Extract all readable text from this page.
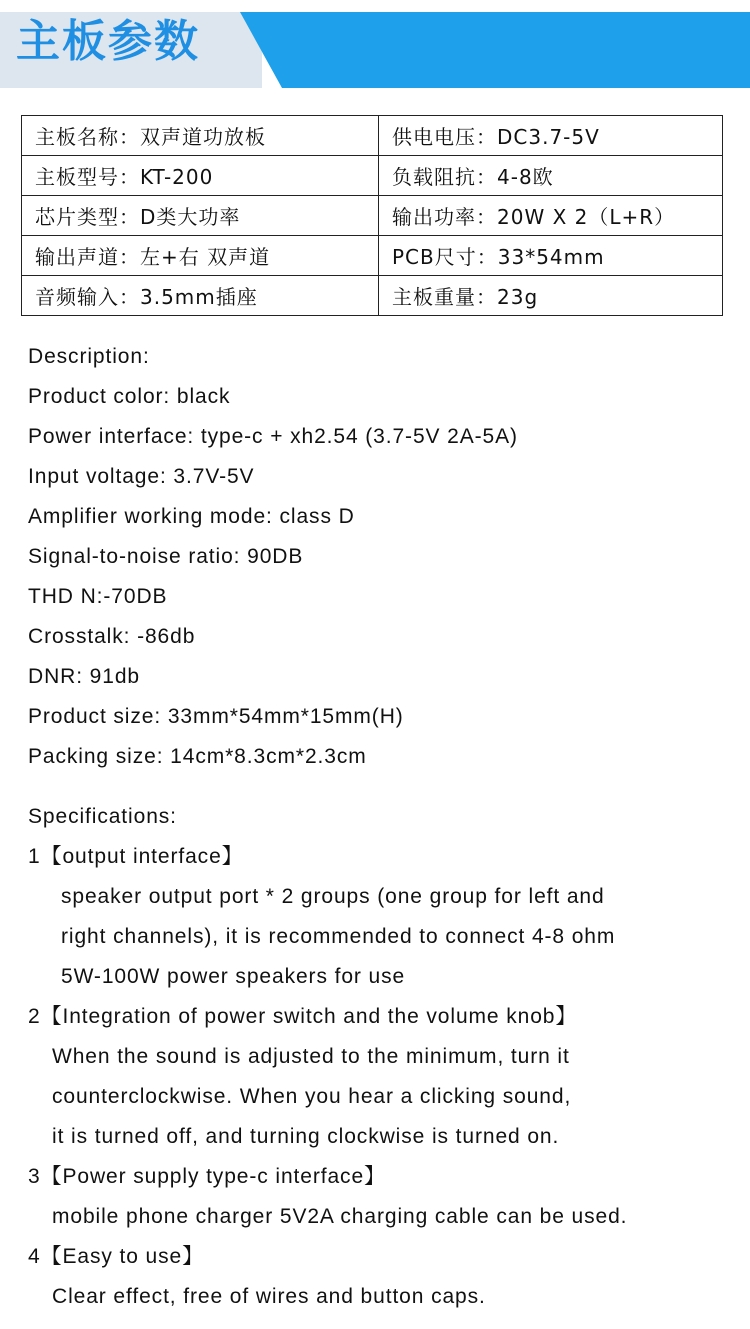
主板参数
主板名称：双声道功放板	供电电压：DC3.7-5V
主板型号：KT-200	负载阻抗：4-8欧
芯片类型：D类大功率	输出功率：20W X 2（L+R）
输出声道：左+右 双声道	PCB尺寸：33*54mm
音频输入：3.5mm插座	主板重量：23g
Description:
Product color: black
Power interface: type-c + xh2.54 (3.7-5V 2A-5A)
Input voltage: 3.7V-5V
Amplifier working mode: class D
Signal-to-noise ratio: 90DB
THD N:-70DB
Crosstalk: -86db
DNR: 91db
Product size: 33mm*54mm*15mm(H)
Packing size: 14cm*8.3cm*2.3cm
Specifications:
1【output interface】
speaker output port * 2 groups (one group for left and
right channels), it is recommended to connect 4-8 ohm
5W-100W power speakers for use
2【Integration of power switch and the volume knob】
When the sound is adjusted to the minimum, turn it
counterclockwise. When you hear a clicking sound,
it is turned off, and turning clockwise is turned on.
3【Power supply type-c interface】
mobile phone charger 5V2A charging cable can be used.
4【Easy to use】
Clear effect, free of wires and button caps.
